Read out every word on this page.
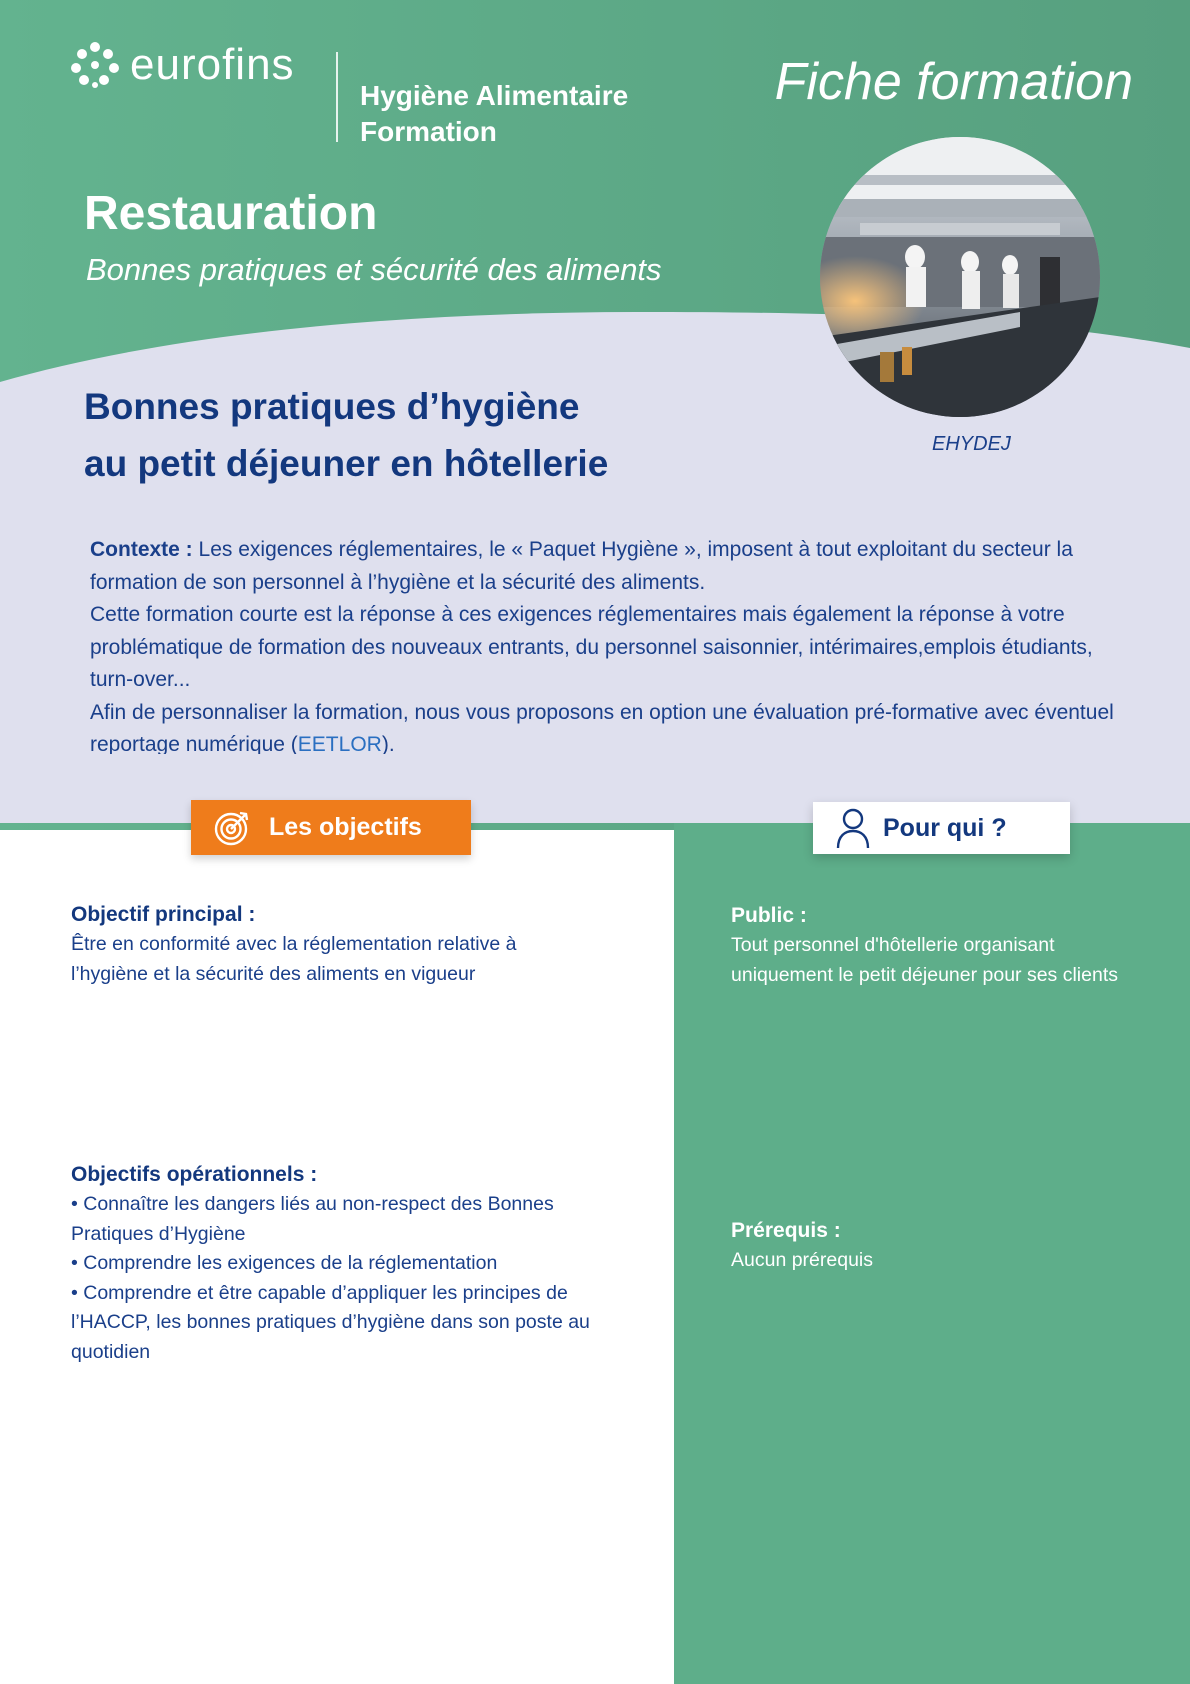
eurofins
Hygiène Alimentaire
Formation
Fiche formation
Restauration
Bonnes pratiques et sécurité des aliments
EHYDEJ
Bonnes pratiques d’hygiène
au petit déjeuner en hôtellerie

Contexte : Les exigences réglementaires, le « Paquet Hygiène », imposent à tout exploitant du secteur la formation de son personnel à l’hygiène et la sécurité des aliments.

Cette formation courte est la réponse à ces exigences réglementaires mais également la réponse à votre problématique de formation des nouveaux entrants, du personnel saisonnier, intérimaires,emplois étudiants, turn-over...

Afin de personnaliser la formation, nous vous proposons en option une évaluation pré-formative avec éventuel reportage numérique (EETLOR).

Les objectifs	Pour qui ?
Objectif principal :

Être en conformité avec la réglementation relative à l’hygiène et la sécurité des aliments en vigueur

Objectifs opérationnels :
• Connaître les dangers liés au non-respect des Bonnes Pratiques d’Hygiène
• Comprendre les exigences de la réglementation
• Comprendre et être capable d’appliquer les principes de l’HACCP, les bonnes pratiques d’hygiène dans son poste au quotidien
Public :

Tout personnel d'hôtellerie organisant uniquement le petit déjeuner pour ses clients

Prérequis :

Aucun prérequis
